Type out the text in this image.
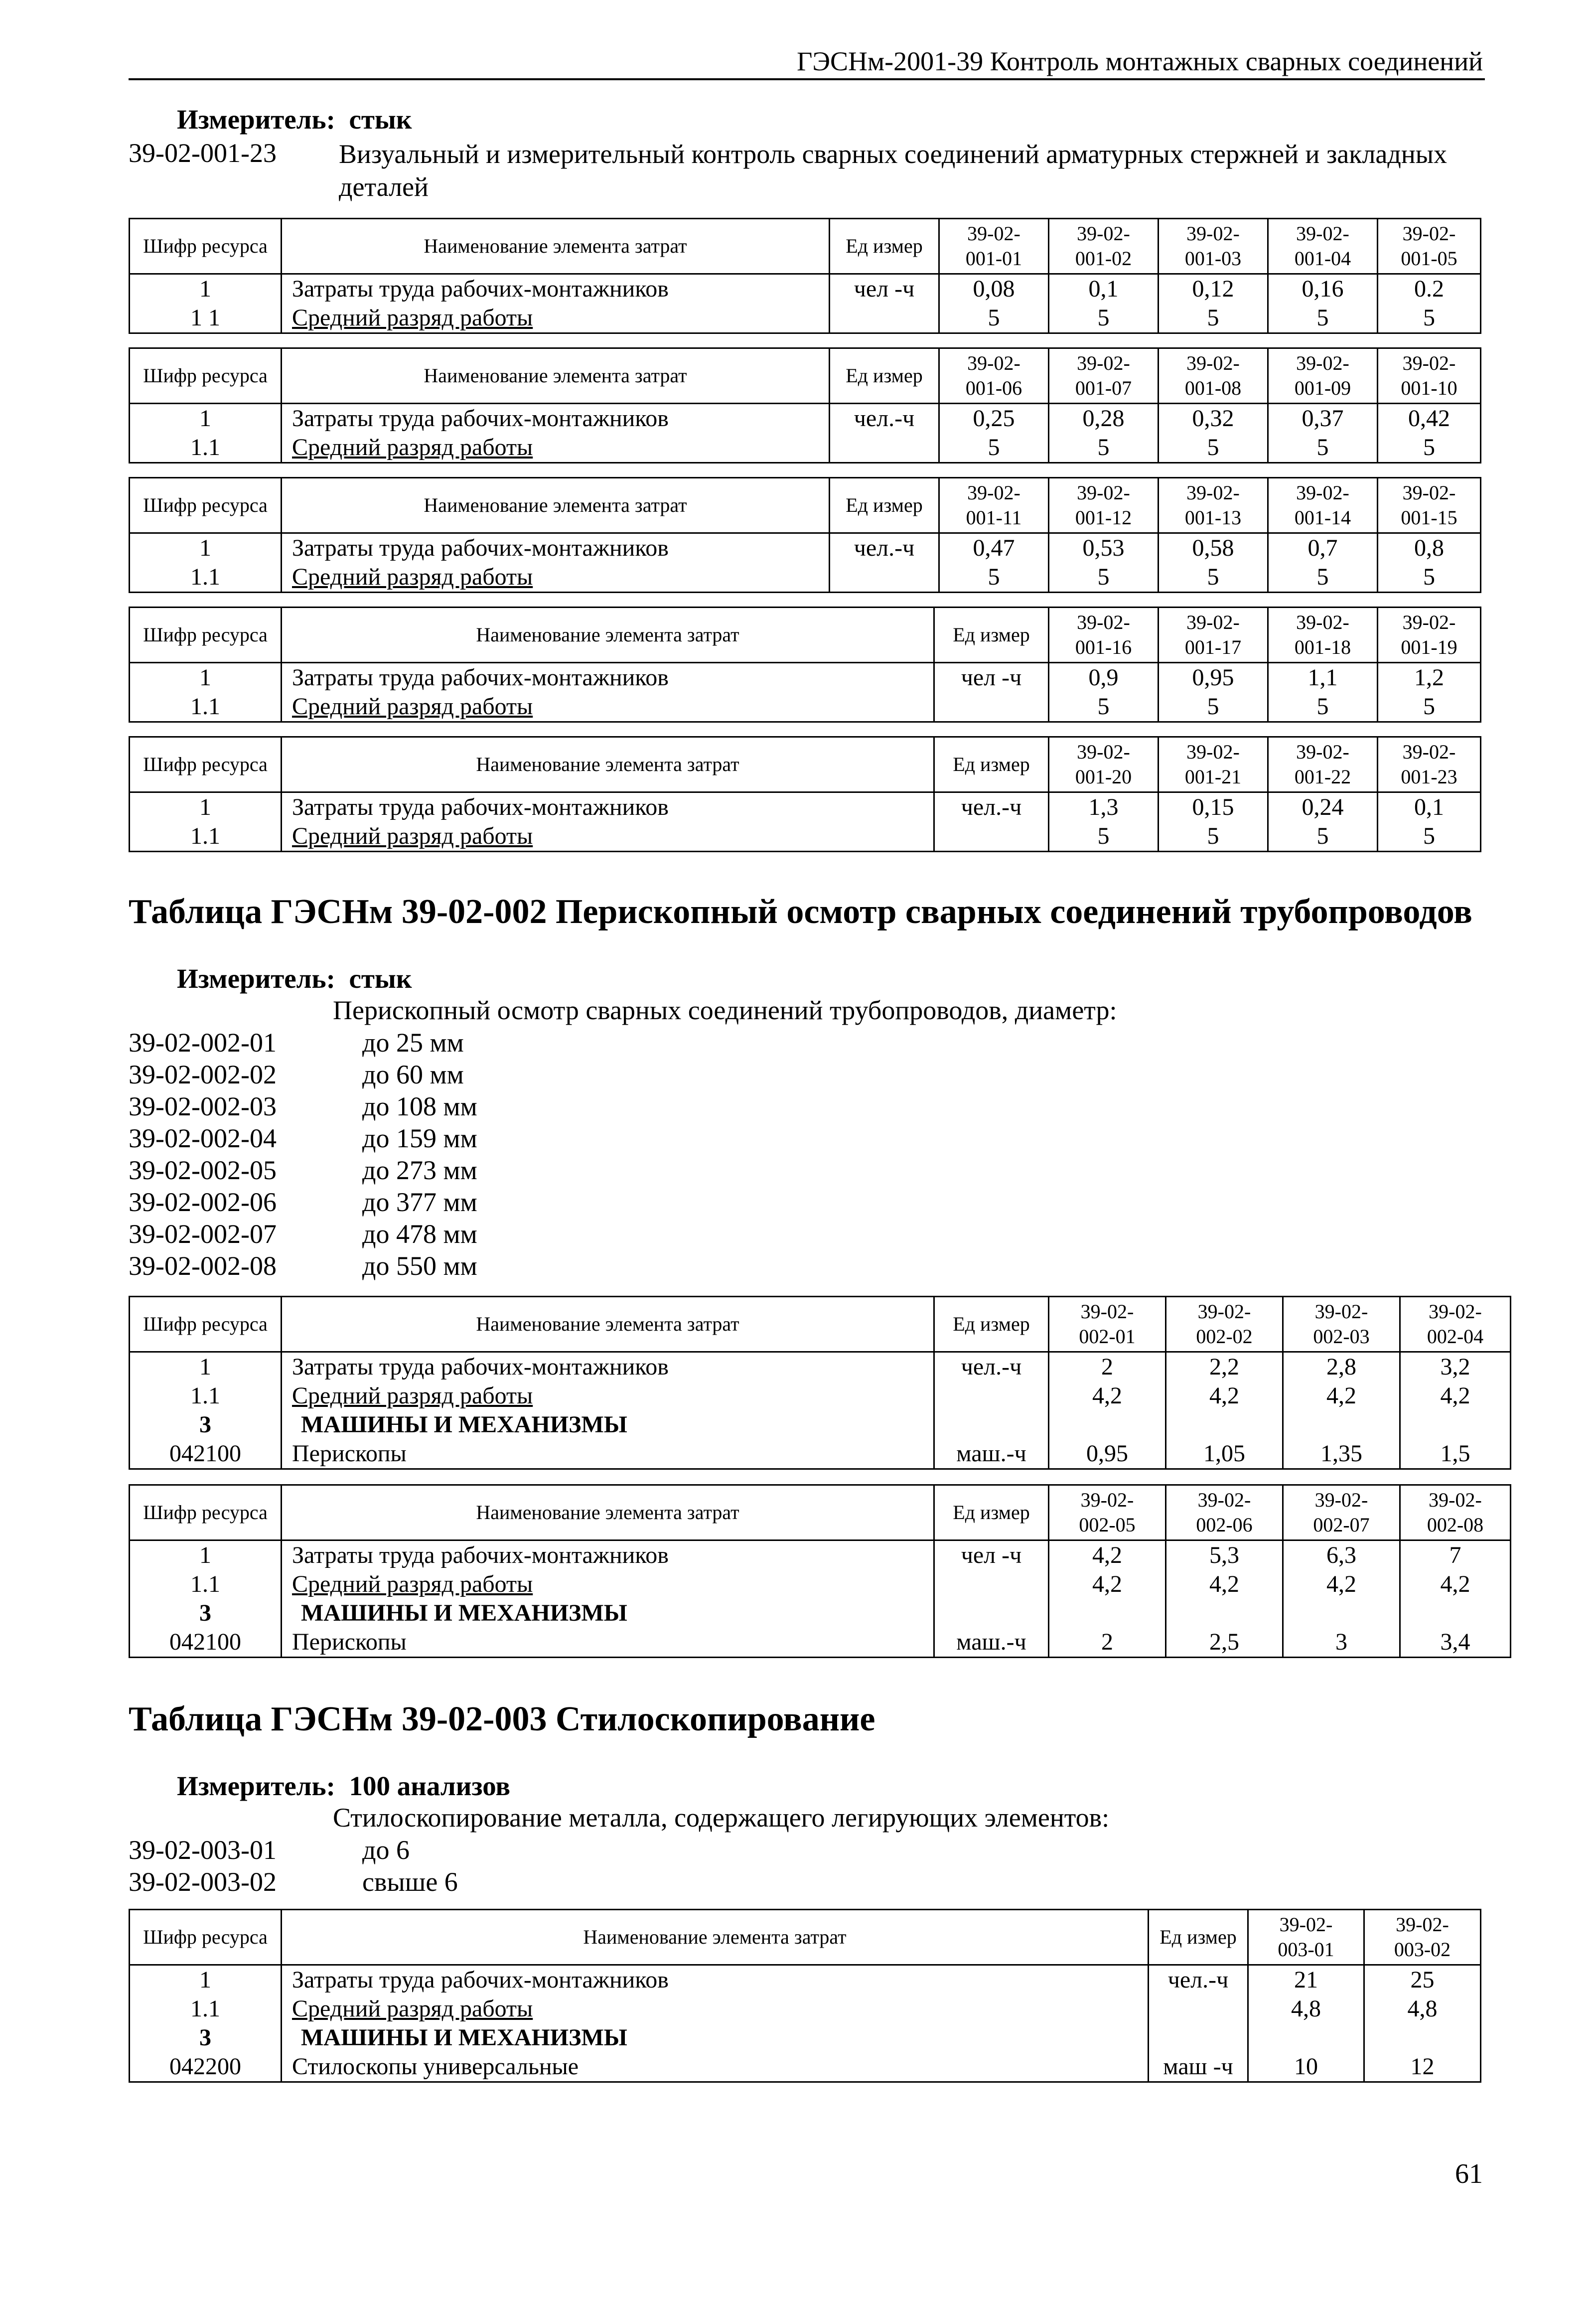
ГЭСНм-2001-39 Контроль монтажных сварных соединений
Измеритель: стык
39-02-001-23 Визуальный и измерительный контроль сварных соединений арматурных стержней и закладных деталей
Шифр ресурса	Наименование элемента затрат	Ед измер	39-02-
001-01	39-02-
001-02	39-02-
001-03	39-02-
001-04	39-02-
001-05
1	Затраты труда рабочих-монтажников	чел -ч	0,08	0,1	0,12	0,16	0.2
1 1	Средний разряд работы		5	5	5	5	5
Шифр ресурса	Наименование элемента затрат	Ед измер	39-02-
001-06	39-02-
001-07	39-02-
001-08	39-02-
001-09	39-02-
001-10
1	Затраты труда рабочих-монтажников	чел.-ч	0,25	0,28	0,32	0,37	0,42
1.1	Средний разряд работы		5	5	5	5	5
Шифр ресурса	Наименование элемента затрат	Ед измер	39-02-
001-11	39-02-
001-12	39-02-
001-13	39-02-
001-14	39-02-
001-15
1	Затраты труда рабочих-монтажников	чел.-ч	0,47	0,53	0,58	0,7	0,8
1.1	Средний разряд работы		5	5	5	5	5
Шифр ресурса	Наименование элемента затрат	Ед измер	39-02-
001-16	39-02-
001-17	39-02-
001-18	39-02-
001-19
1	Затраты труда рабочих-монтажников	чел -ч	0,9	0,95	1,1	1,2
1.1	Средний разряд работы		5	5	5	5
Шифр ресурса	Наименование элемента затрат	Ед измер	39-02-
001-20	39-02-
001-21	39-02-
001-22	39-02-
001-23
1	Затраты труда рабочих-монтажников	чел.-ч	1,3	0,15	0,24	0,1
1.1	Средний разряд работы		5	5	5	5
Таблица ГЭСНм 39-02-002 Перископный осмотр сварных соединений трубопроводов
Измеритель: стык
Перископный осмотр сварных соединений трубопроводов, диаметр:
39-02-002-01	до 25 мм
39-02-002-02	до 60 мм
39-02-002-03	до 108 мм
39-02-002-04	до 159 мм
39-02-002-05	до 273 мм
39-02-002-06	до 377 мм
39-02-002-07	до 478 мм
39-02-002-08	до 550 мм
Шифр ресурса	Наименование элемента затрат	Ед измер	39-02-
002-01	39-02-
002-02	39-02-
002-03	39-02-
002-04
1	Затраты труда рабочих-монтажников	чел.-ч	2	2,2	2,8	3,2
1.1	Средний разряд работы		4,2	4,2	4,2	4,2
3	МАШИНЫ И МЕХАНИЗМЫ					
042100	Перископы	маш.-ч	0,95	1,05	1,35	1,5
Шифр ресурса	Наименование элемента затрат	Ед измер	39-02-
002-05	39-02-
002-06	39-02-
002-07	39-02-
002-08
1	Затраты труда рабочих-монтажников	чел -ч	4,2	5,3	6,3	7
1.1	Средний разряд работы		4,2	4,2	4,2	4,2
3	МАШИНЫ И МЕХАНИЗМЫ					
042100	Перископы	маш.-ч	2	2,5	3	3,4
Таблица ГЭСНм 39-02-003 Стилоскопирование
Измеритель: 100 анализов
Стилоскопирование металла, содержащего легирующих элементов:
39-02-003-01	до 6
39-02-003-02	свыше 6
Шифр ресурса	Наименование элемента затрат	Ед измер	39-02-
003-01	39-02-
003-02
1	Затраты труда рабочих-монтажников	чел.-ч	21	25
1.1	Средний разряд работы		4,8	4,8
3	МАШИНЫ И МЕХАНИЗМЫ			
042200	Стилоскопы универсальные	маш -ч	10	12
61
